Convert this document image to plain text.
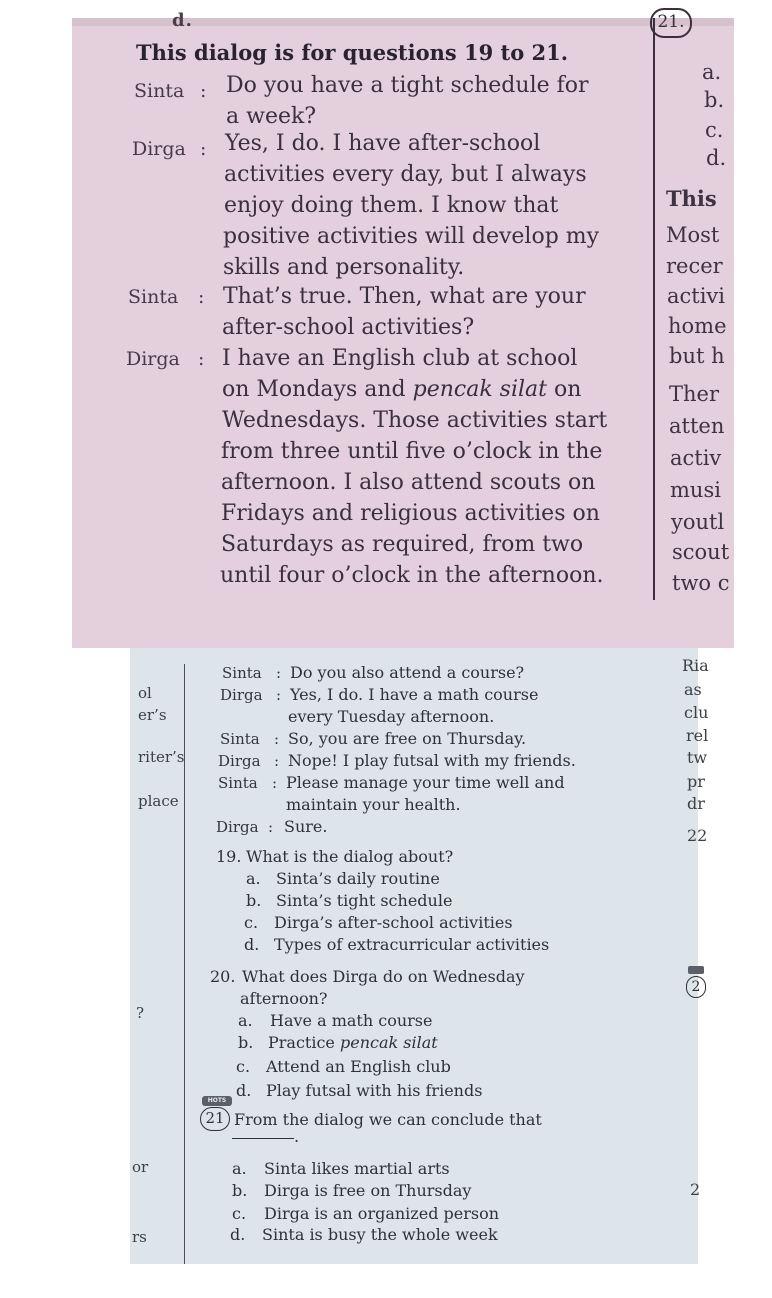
d.	21.
This dialog is for questions 19 to 21.
Sinta : Do you have a tight schedule for
a week?
Dirga : Yes, I do. I have after-school
activities every day, but I always
enjoy doing them. I know that
positive activities will develop my
skills and personality.
Sinta : That’s true. Then, what are your
after-school activities?
Dirga : I have an English club at school
on Mondays and pencak silat on
Wednesdays. Those activities start
from three until five o’clock in the
afternoon. I also attend scouts on
Fridays and religious activities on
Saturdays as required, from two
until four o’clock in the afternoon.
a.
b.
c.
d.
This
Most
recer
activi
home
but h
Ther
atten
activ
musi
youtl
scout
two c
ol
er’s
riter’s
place
?
or
rs
Ria
as
clu
rel
tw
pr
dr
22
2
2
Sinta : Do you also attend a course?
Dirga : Yes, I do. I have a math course
every Tuesday afternoon.
Sinta : So, you are free on Thursday.
Dirga : Nope! I play futsal with my friends.
Sinta : Please manage your time well and
maintain your health.
Dirga : Sure.
19. What is the dialog about?
a. Sinta’s daily routine
b. Sinta’s tight schedule
c. Dirga’s after-school activities
d. Types of extracurricular activities
20. What does Dirga do on Wednesday
afternoon?
a. Have a math course
b. Practice pencak silat
c. Attend an English club
d. Play futsal with his friends
HOTS
21 From the dialog we can conclude that
.
a. Sinta likes martial arts
b. Dirga is free on Thursday
c. Dirga is an organized person
d. Sinta is busy the whole week
